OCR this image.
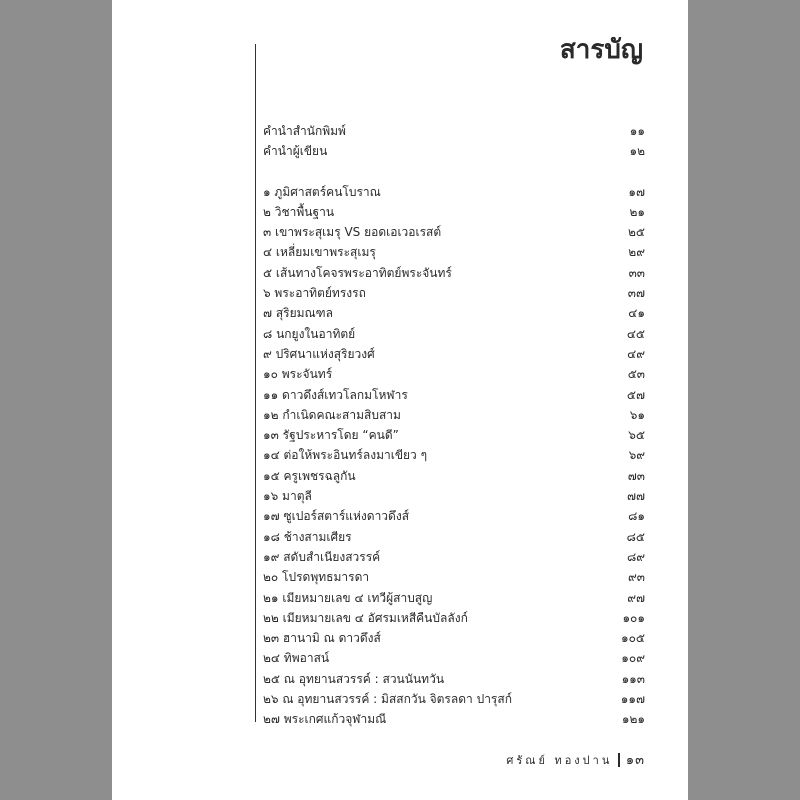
สารบัญ
คำนำสำนักพิมพ์	๑๑
คำนำผู้เขียน	๑๒
๑ ภูมิศาสตร์คนโบราณ	๑๗
๒ วิชาพื้นฐาน	๒๑
๓ เขาพระสุเมรุ VS ยอดเอเวอเรสต์	๒๕
๔ เหลี่ยมเขาพระสุเมรุ	๒๙
๕ เส้นทางโคจรพระอาทิตย์พระจันทร์	๓๓
๖ พระอาทิตย์ทรงรถ	๓๗
๗ สุริยมณฑล	๔๑
๘ นกยูงในอาทิตย์	๔๕
๙ ปริศนาแห่งสุริยวงศ์	๔๙
๑๐ พระจันทร์	๕๓
๑๑ ดาวดึงส์เทวโลกมโหฬาร	๕๗
๑๒ กำเนิดคณะสามสิบสาม	๖๑
๑๓ รัฐประหารโดย “คนดี”	๖๕
๑๔ ต่อให้พระอินทร์ลงมาเขียว ๆ	๖๙
๑๕ ครูเพชรฉลูกัน	๗๓
๑๖ มาตุลี	๗๗
๑๗ ซูเปอร์สตาร์แห่งดาวดึงส์	๘๑
๑๘ ช้างสามเศียร	๘๕
๑๙ สดับสำเนียงสวรรค์	๘๙
๒๐ โปรดพุทธมารดา	๙๓
๒๑ เมียหมายเลข ๔ เทวีผู้สาบสูญ	๙๗
๒๒ เมียหมายเลข ๔ อัศรมเหสีคืนบัลลังก์	๑๐๑
๒๓ ฮานามิ ณ ดาวดึงส์	๑๐๕
๒๔ ทิพอาสน์	๑๐๙
๒๕ ณ อุทยานสวรรค์ : สวนนันทวัน	๑๑๓
๒๖ ณ อุทยานสวรรค์ : มิสสกวัน จิตรลดา ปารุสก์	๑๑๗
๒๗ พระเกศแก้วจุฬามณี	๑๒๑
ศรัณย์ ทองปาน ๑๓
